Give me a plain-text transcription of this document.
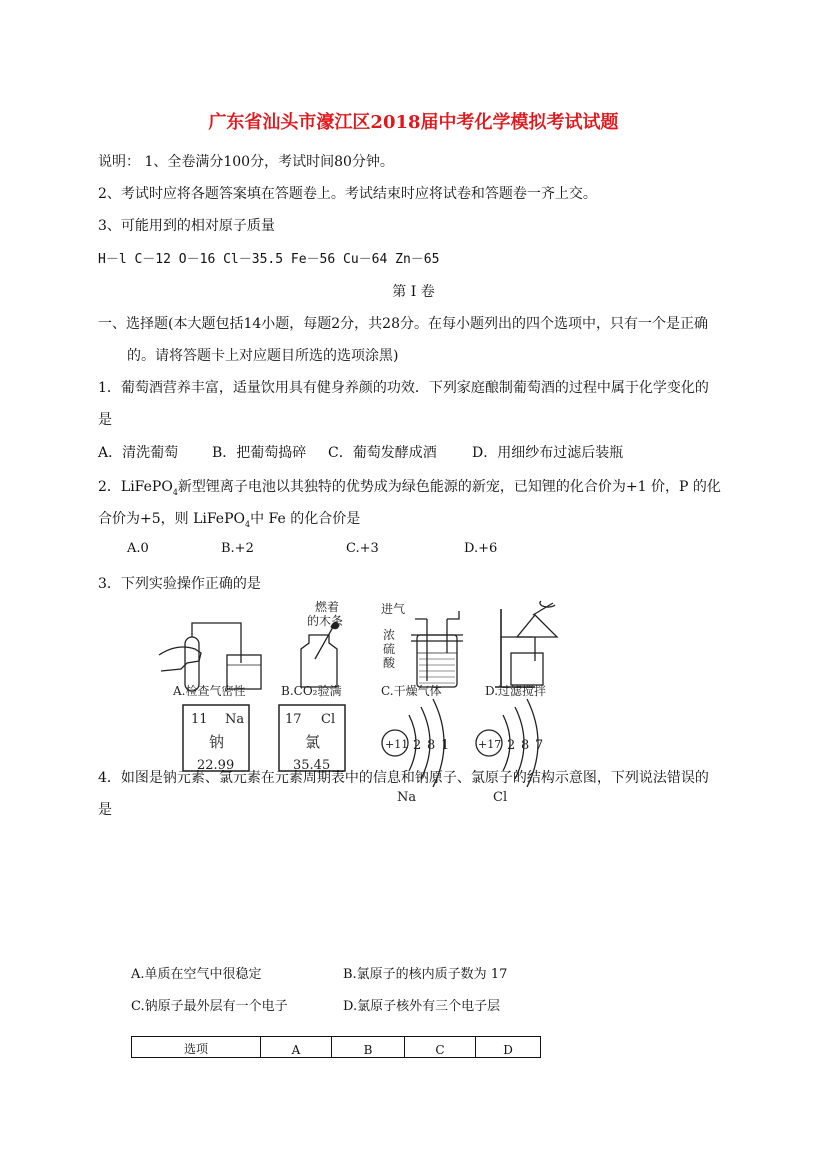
广东省汕头市濠江区2018届中考化学模拟考试试题
说明： 1、全卷满分100分，考试时间80分钟。
2、考试时应将各题答案填在答题卷上。考试结束时应将试卷和答题卷一齐上交。
3、可能用到的相对原子质量
H－l C－12 O－16 Cl－35.5 Fe－56 Cu－64 Zn－65
第 I 卷
一、选择题(本大题包括14小题，每题2分，共28分。在每小题列出的四个选项中，只有一个是正确
的。请将答题卡上对应题目所选的选项涂黑)
1．葡萄酒营养丰富，适量饮用具有健身养颜的功效．下列家庭酿制葡萄酒的过程中属于化学变化的
是
A．清洗葡萄 B．把葡萄捣碎 C．葡萄发酵成酒	D．用细纱布过滤后装瓶
2．LiFePO$_4$新型锂离子电池以其独特的优势成为绿色能源的新宠，已知锂的化合价为+1 价，P 的化
合价为+5，则 LiFePO$_4$中 Fe 的化合价是
A.0	B.+2	C.+3	D.+6
3．下列实验操作正确的是
A.检查气密性
燃着
的木条
B.CO₂验满
进气
浓
硫
酸
C.干燥气体	D.过滤搅拌
11 Na
钠
22.99
17 Cl
氯
35.45
+11 2 8 1
Na
+17 2 8 7
Cl
4．如图是钠元素、氯元素在元素周期表中的信息和钠原子、氯原子的结构示意图，下列说法错误的
是
A.单质在空气中很稳定	B.氯原子的核内质子数为 17
C.钠原子最外层有一个电子	D.氯原子核外有三个电子层
选项	A	B	C	D
